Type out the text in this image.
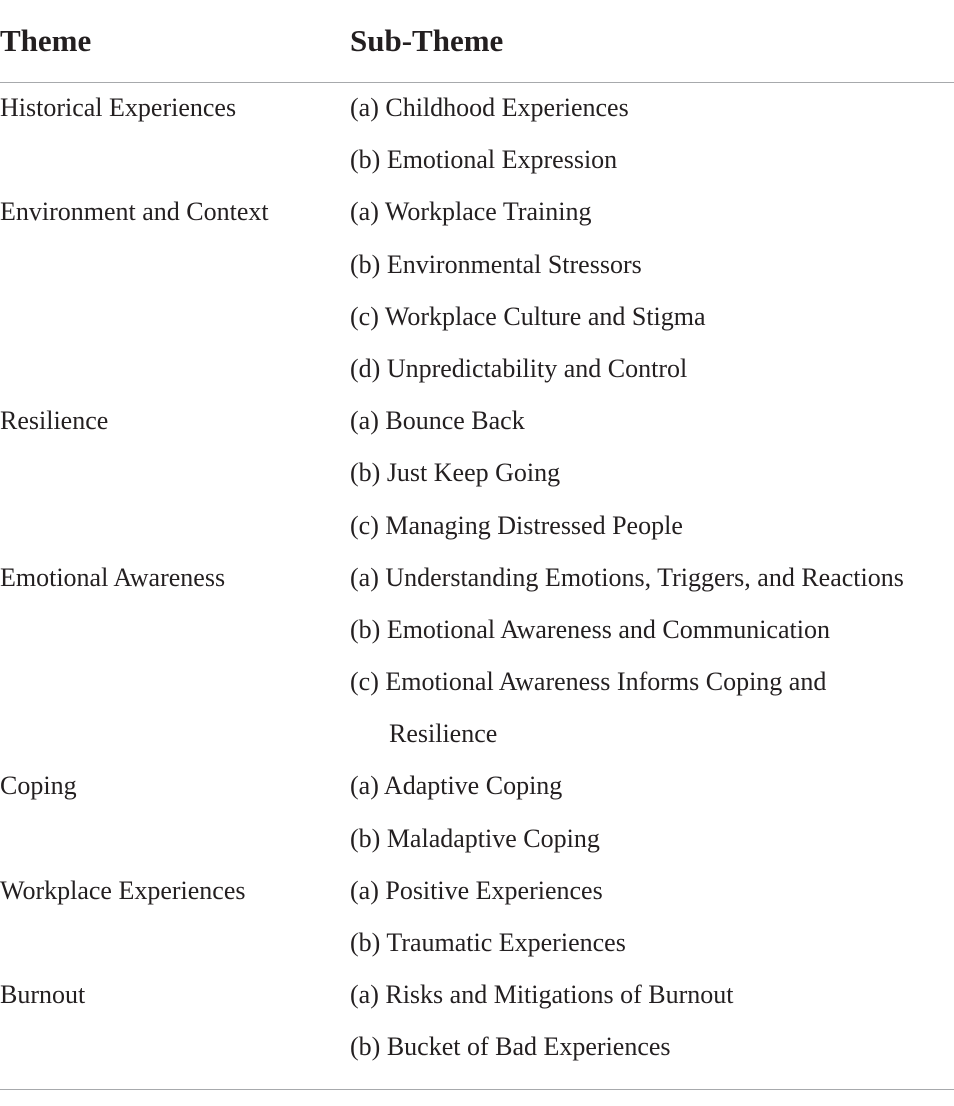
Theme	Sub-Theme
Historical Experiences	(a) Childhood Experiences
(b) Emotional Expression
Environment and Context	(a) Workplace Training
(b) Environmental Stressors
(c) Workplace Culture and Stigma
(d) Unpredictability and Control
Resilience	(a) Bounce Back
(b) Just Keep Going
(c) Managing Distressed People
Emotional Awareness	(a) Understanding Emotions, Triggers, and Reactions
(b) Emotional Awareness and Communication
(c) Emotional Awareness Informs Coping and
Resilience
Coping	(a) Adaptive Coping
(b) Maladaptive Coping
Workplace Experiences	(a) Positive Experiences
(b) Traumatic Experiences
Burnout	(a) Risks and Mitigations of Burnout
(b) Bucket of Bad Experiences
